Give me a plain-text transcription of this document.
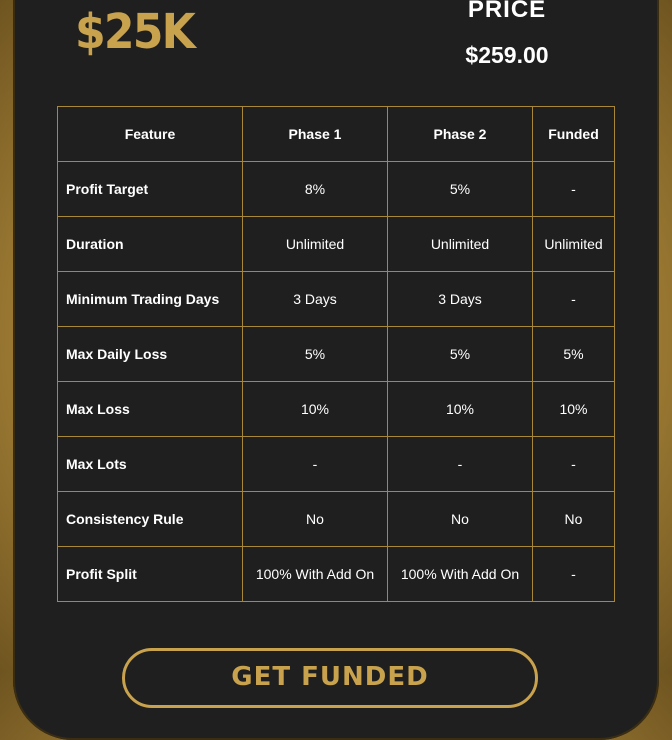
$25K	PRICE
$259.00
Feature	Phase 1	Phase 2	Funded
Profit Target	8%	5%	-
Duration	Unlimited	Unlimited	Unlimited
Minimum Trading Days	3 Days	3 Days	-
Max Daily Loss	5%	5%	5%
Max Loss	10%	10%	10%
Max Lots	-	-	-
Consistency Rule	No	No	No
Profit Split	100% With Add On	100% With Add On	-
GET FUNDED
